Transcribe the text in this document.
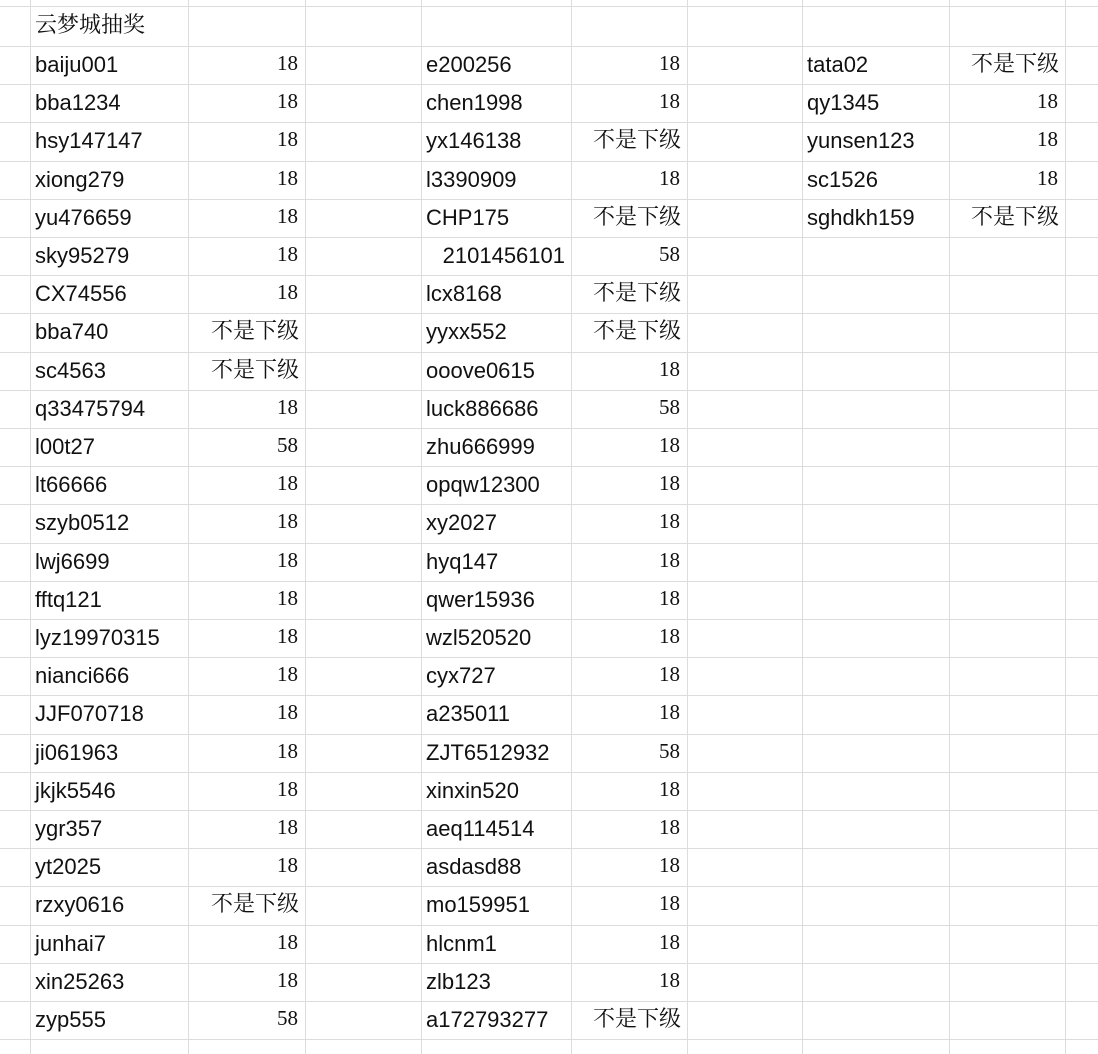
云梦城抽奖
baiju001	18
bba1234	18
hsy147147	18
xiong279	18
yu476659	18
sky95279	18
CX74556	18
bba740	不是下级
sc4563	不是下级
q33475794	18
l00t27	58
lt66666	18
szyb0512	18
lwj6699	18
fftq121	18
lyz19970315	18
nianci666	18
JJF070718	18
ji061963	18
jkjk5546	18
ygr357	18
yt2025	18
rzxy0616	不是下级
junhai7	18
xin25263	18
zyp555	58
e200256	18
chen1998	18
yx146138	不是下级
l3390909	18
CHP175	不是下级
2101456101	58
lcx8168	不是下级
yyxx552	不是下级
ooove0615	18
luck886686	58
zhu666999	18
opqw12300	18
xy2027	18
hyq147	18
qwer15936	18
wzl520520	18
cyx727	18
a235011	18
ZJT6512932	58
xinxin520	18
aeq114514	18
asdasd88	18
mo159951	18
hlcnm1	18
zlb123	18
a172793277	不是下级
tata02	不是下级
qy1345	18
yunsen123	18
sc1526	18
sghdkh159	不是下级
